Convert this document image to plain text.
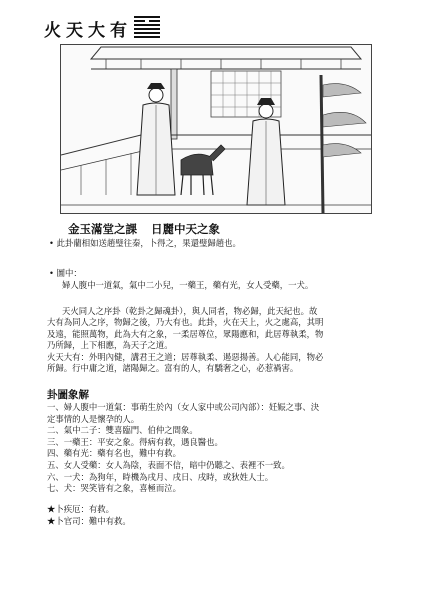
火天大有
金玉滿堂之課 日麗中天之象
• 此卦藺相如送趙璧往秦，卜得之，果還璧歸趙也。
• 圖中：
婦人腹中一道氣，氣中二小兒，一藥王，藥有光，女人受藥，一犬。
天火同人之序卦（乾卦之歸魂卦），與人同者，物必歸，此天紀也。故
大有為同人之序，物歸之後，乃大有也。此卦，火在天上，火之處高，其明
及遠，能照萬物，此為大有之象，一柔居尊位，眾陽應和，此居尊執柔，物
乃所歸，上下相應，為天子之道。
火天大有：外明內健，講君王之道；居尊執柔、遏惡揚善。人心能同，物必
所歸。行中庸之道，諸陽歸之。富有的人，有驕奢之心，必惹禍害。
卦圖象解
一、婦人腹中一道氣：事萌生於內（女人家中或公司內部）：妊娠之事、決
定事情的人是懷孕的人。
二、氣中二子：雙喜臨門、伯仲之間象。
三、一藥王：平安之象。得病有救，遇良醫也。
四、藥有光：藥有名也，難中有救。
五、女人受藥：女人為陰，表面不信，暗中仍聽之、表裡不一致。
六、一犬：為狗年，時機為戌月、戌日、戌時，或狄姓人士。
七、犬：哭笑皆有之象，喜極而泣。
★卜疾厄：有救。
★卜官司：難中有救。
